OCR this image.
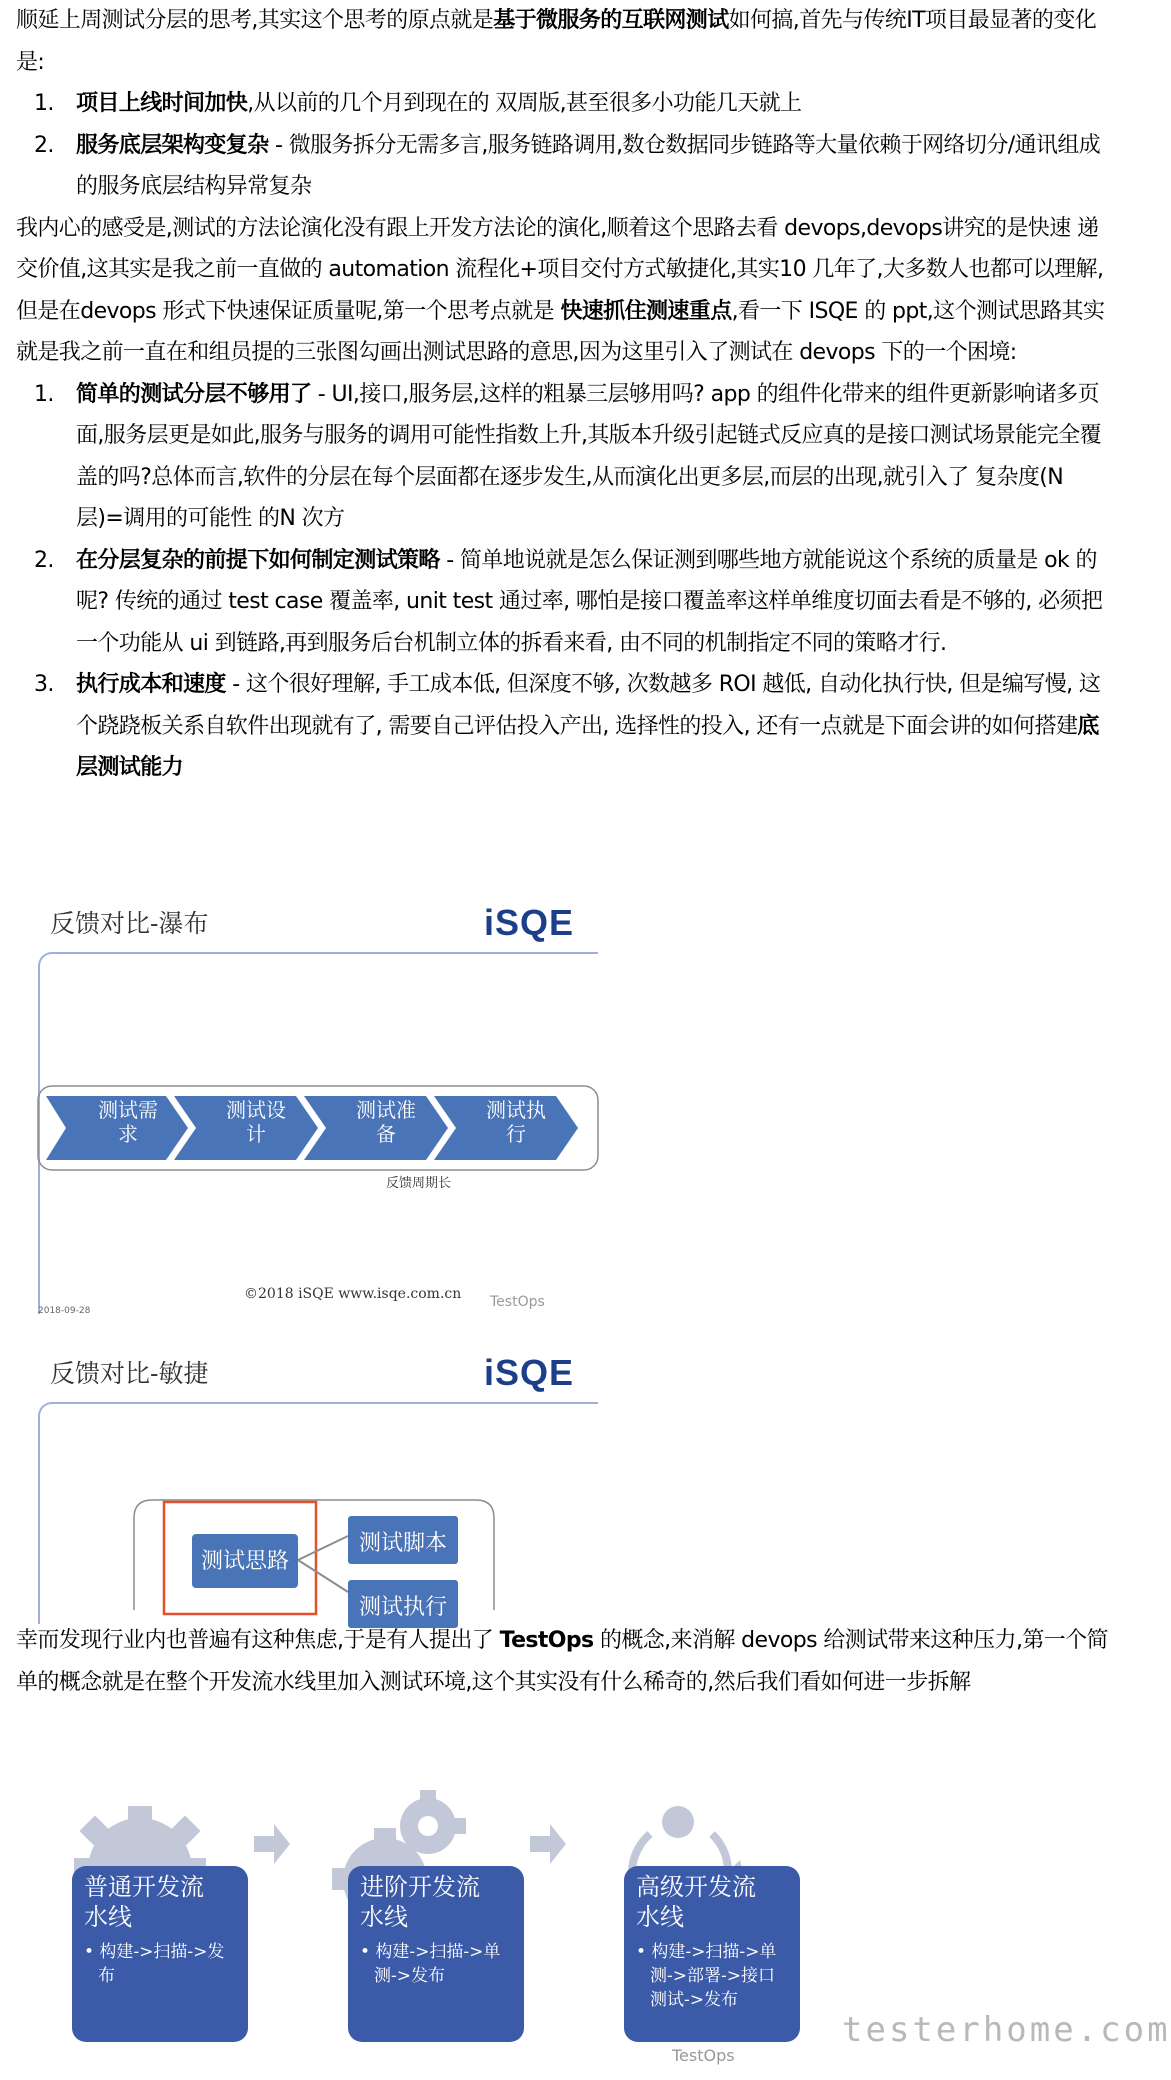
顺延上周测试分层的思考,其实这个思考的原点就是基于微服务的互联网测试如何搞,首先与传统IT项目最显著的变化是:

1. 项目上线时间加快,从以前的几个月到现在的 双周版,甚至很多小功能几天就上
2. 服务底层架构变复杂 - 微服务拆分无需多言,服务链路调用,数仓数据同步链路等大量依赖于网络切分/通讯组成的服务底层结构异常复杂

我内心的感受是,测试的方法论演化没有跟上开发方法论的演化,顺着这个思路去看 devops,devops讲究的是快速 递交价值,这其实是我之前一直做的 automation 流程化+项目交付方式敏捷化,其实10 几年了,大多数人也都可以理解,但是在devops 形式下快速保证质量呢,第一个思考点就是 快速抓住测速重点,看一下 ISQE 的 ppt,这个测试思路其实就是我之前一直在和组员提的三张图勾画出测试思路的意思,因为这里引入了测试在 devops 下的一个困境:

1. 简单的测试分层不够用了 - UI,接口,服务层,这样的粗暴三层够用吗? app 的组件化带来的组件更新影响诸多页面,服务层更是如此,服务与服务的调用可能性指数上升,其版本升级引起链式反应真的是接口测试场景能完全覆盖的吗?总体而言,软件的分层在每个层面都在逐步发生,从而演化出更多层,而层的出现,就引入了 复杂度(N 层)=调用的可能性 的N 次方
2. 在分层复杂的前提下如何制定测试策略 - 简单地说就是怎么保证测到哪些地方就能说这个系统的质量是 ok 的呢? 传统的通过 test case 覆盖率, unit test 通过率, 哪怕是接口覆盖率这样单维度切面去看是不够的, 必须把一个功能从 ui 到链路,再到服务后台机制立体的拆看来看, 由不同的机制指定不同的策略才行.
3. 执行成本和速度 - 这个很好理解, 手工成本低, 但深度不够, 次数越多 ROI 越低, 自动化执行快, 但是编写慢, 这个跷跷板关系自软件出现就有了, 需要自己评估投入产出, 选择性的投入, 还有一点就是下面会讲的如何搭建底层测试能力
反馈对比-瀑布	iSQE
测试需
求
测试设
计
测试准
备
测试执
行
反馈周期长
©2018 iSQE www.isqe.com.cn
2018-09-28
TestOps
反馈对比-敏捷	iSQE
测试思路
测试脚本
测试执行

幸而发现行业内也普遍有这种焦虑,于是有人提出了 TestOps 的概念,来消解 devops 给测试带来这种压力,第一个简单的概念就是在整个开发流水线里加入测试环境,这个其实没有什么稀奇的,然后我们看如何进一步拆解

普通开发流
水线
• 构建->扫描->发
布
进阶开发流
水线
• 构建->扫描->单
测->发布
高级开发流
水线
• 构建->扫描->单
测->部署->接口
测试->发布
TestOps
testerhome.com
